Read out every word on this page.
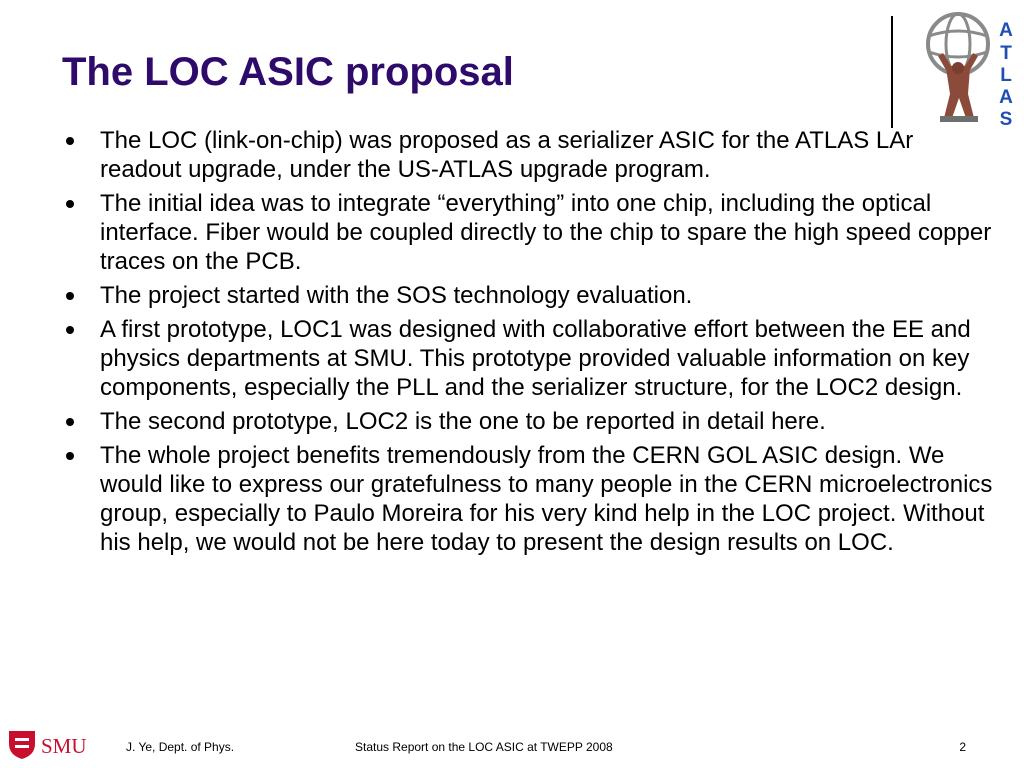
The LOC ASIC proposal
A
T
L
A
S
The LOC (link-on-chip) was proposed as a serializer ASIC for the ATLAS LAr readout upgrade, under the US-ATLAS upgrade program.
The initial idea was to integrate “everything” into one chip, including the optical interface. Fiber would be coupled directly to the chip to spare the high speed copper traces on the PCB.
The project started with the SOS technology evaluation.
A first prototype, LOC1 was designed with collaborative effort between the EE and physics departments at SMU. This prototype provided valuable information on key components, especially the PLL and the serializer structure, for the LOC2 design.
The second prototype, LOC2 is the one to be reported in detail here.
The whole project benefits tremendously from the CERN GOL ASIC design. We would like to express our gratefulness to many people in the CERN microelectronics group, especially to Paulo Moreira for his very kind help in the LOC project. Without his help, we would not be here today to present the design results on LOC.
SMU	J. Ye, Dept. of Phys.	Status Report on the LOC ASIC at TWEPP 2008	2
